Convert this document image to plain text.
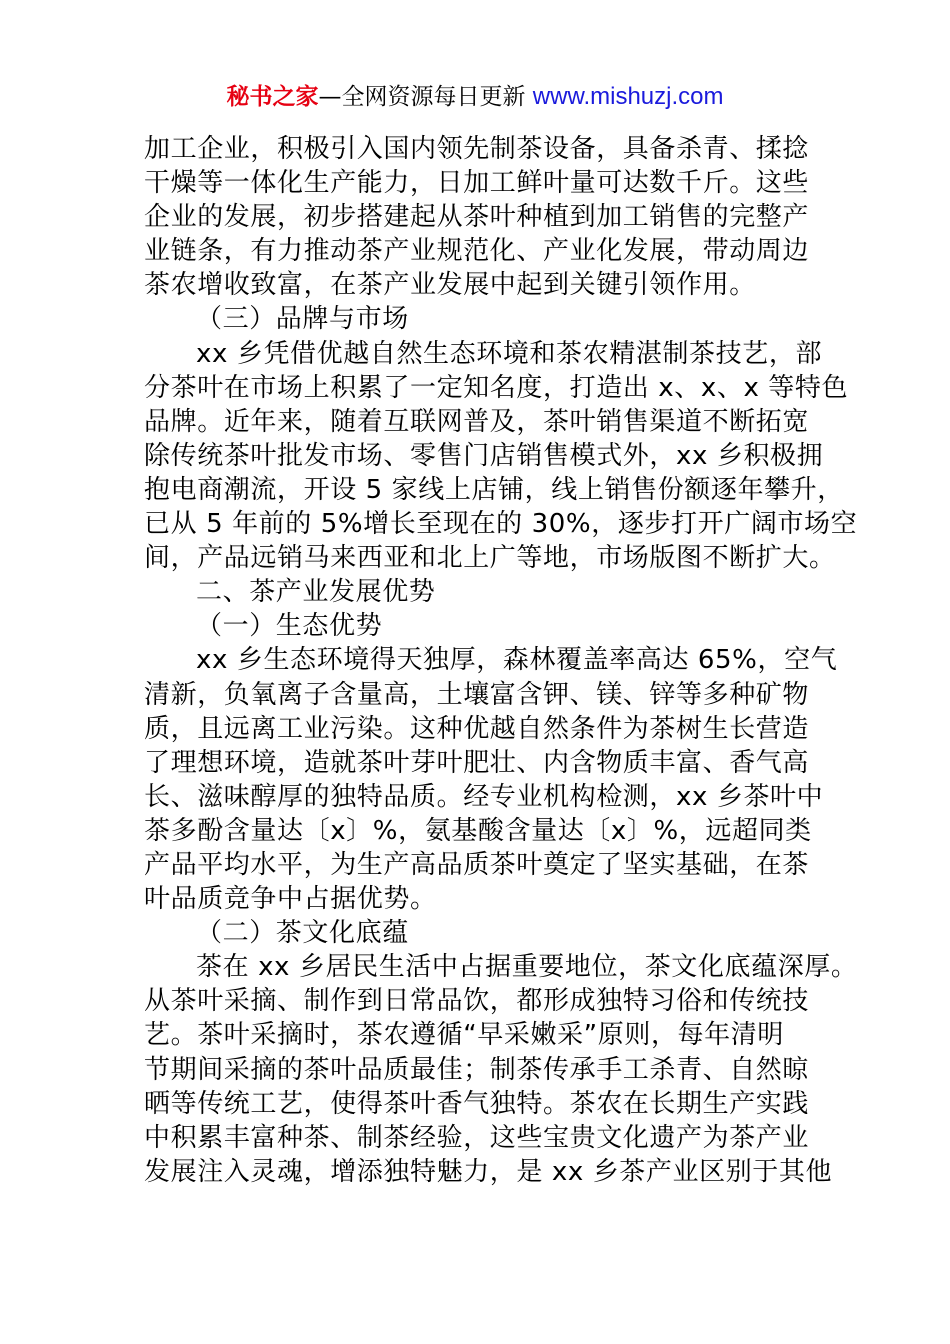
秘书之家—全网资源每日更新 www.mishuzj.com
加工企业，积极引入国内领先制茶设备，具备杀青、揉捻
干燥等一体化生产能力，日加工鲜叶量可达数千斤。这些
企业的发展，初步搭建起从茶叶种植到加工销售的完整产
业链条，有力推动茶产业规范化、产业化发展，带动周边
茶农增收致富，在茶产业发展中起到关键引领作用。
（三）品牌与市场
xx 乡凭借优越自然生态环境和茶农精湛制茶技艺，部
分茶叶在市场上积累了一定知名度，打造出 x、x、x 等特色
品牌。近年来，随着互联网普及，茶叶销售渠道不断拓宽
除传统茶叶批发市场、零售门店销售模式外，xx 乡积极拥
抱电商潮流，开设 5 家线上店铺，线上销售份额逐年攀升，
已从 5 年前的 5%增长至现在的 30%，逐步打开广阔市场空
间，产品远销马来西亚和北上广等地，市场版图不断扩大。
二、茶产业发展优势
（一）生态优势
xx 乡生态环境得天独厚，森林覆盖率高达 65%，空气
清新，负氧离子含量高，土壤富含钾、镁、锌等多种矿物
质，且远离工业污染。这种优越自然条件为茶树生长营造
了理想环境，造就茶叶芽叶肥壮、内含物质丰富、香气高
长、滋味醇厚的独特品质。经专业机构检测，xx 乡茶叶中
茶多酚含量达〔x〕%，氨基酸含量达〔x〕%，远超同类
产品平均水平，为生产高品质茶叶奠定了坚实基础，在茶
叶品质竞争中占据优势。
（二）茶文化底蕴
茶在 xx 乡居民生活中占据重要地位，茶文化底蕴深厚。
从茶叶采摘、制作到日常品饮，都形成独特习俗和传统技
艺。茶叶采摘时，茶农遵循“早采嫩采”原则，每年清明
节期间采摘的茶叶品质最佳；制茶传承手工杀青、自然晾
晒等传统工艺，使得茶叶香气独特。茶农在长期生产实践
中积累丰富种茶、制茶经验，这些宝贵文化遗产为茶产业
发展注入灵魂，增添独特魅力，是 xx 乡茶产业区别于其他
